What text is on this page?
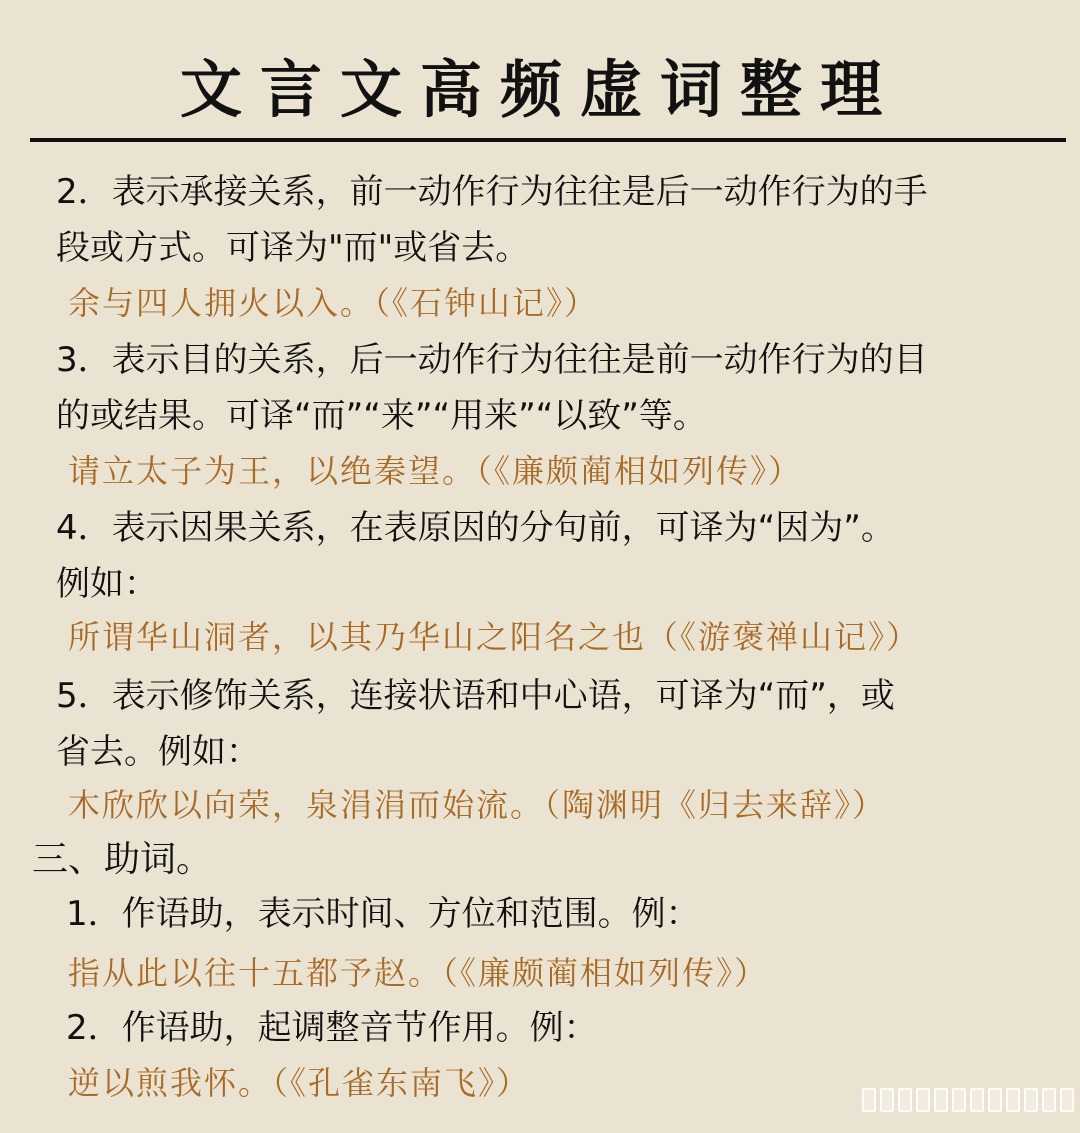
文言文高频虚词整理
2．表示承接关系，前一动作行为往往是后一动作行为的手
段或方式。可译为"而"或省去。
余与四人拥火以入。（《石钟山记》）
3．表示目的关系，后一动作行为往往是前一动作行为的目
的或结果。可译“而”“来”“用来”“以致”等。
请立太子为王，以绝秦望。（《廉颇蔺相如列传》）
4．表示因果关系，在表原因的分句前，可译为“因为”。
例如：
所谓华山洞者，以其乃华山之阳名之也（《游褒禅山记》）
5．表示修饰关系，连接状语和中心语，可译为“而”，或
省去。例如：
木欣欣以向荣，泉涓涓而始流。（陶渊明《归去来辞》）
三、助词。
1．作语助，表示时间、方位和范围。例：
指从此以往十五都予赵。（《廉颇蔺相如列传》）
2．作语助，起调整音节作用。例：
逆以煎我怀。（《孔雀东南飞》）
